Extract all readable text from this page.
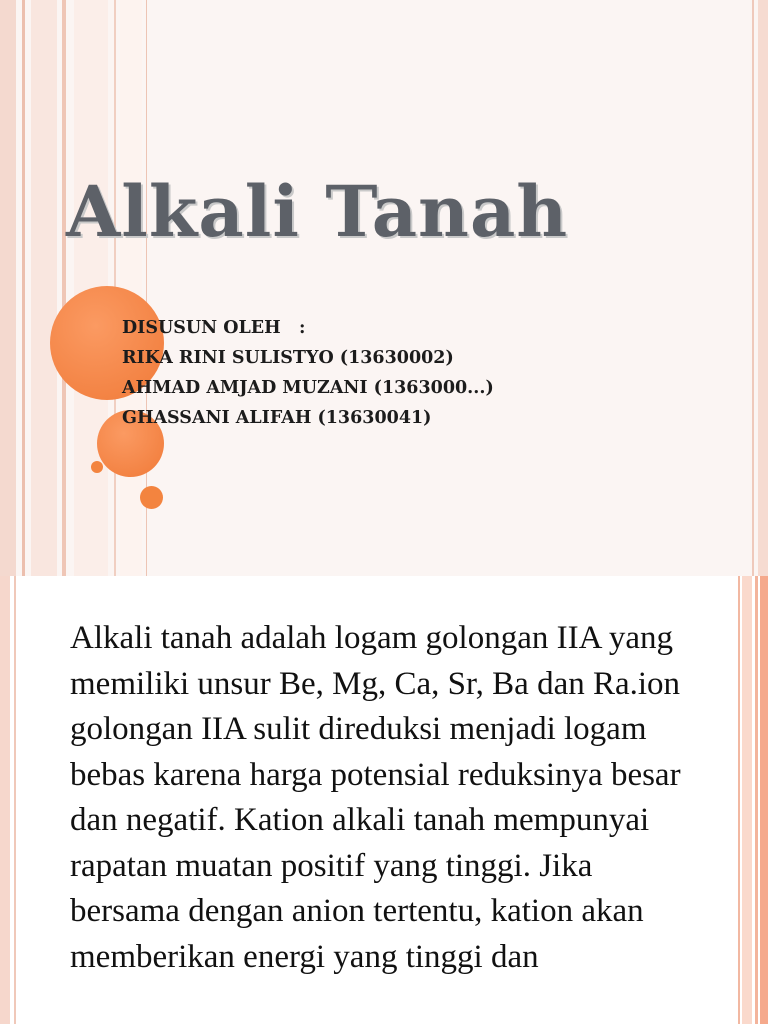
Alkali Tanah
DISUSUN OLEH   :
RIKA RINI SULISTYO (13630002)
AHMAD AMJAD MUZANI (1363000...)
GHASSANI ALIFAH (13630041)
Alkali tanah adalah logam golongan IIA yang memiliki unsur Be, Mg, Ca, Sr, Ba dan Ra.ion golongan IIA sulit direduksi menjadi logam bebas karena harga potensial reduksinya besar dan negatif. Kation alkali tanah mempunyai rapatan muatan positif yang tinggi. Jika bersama dengan anion tertentu, kation akan memberikan energi yang tinggi dan
